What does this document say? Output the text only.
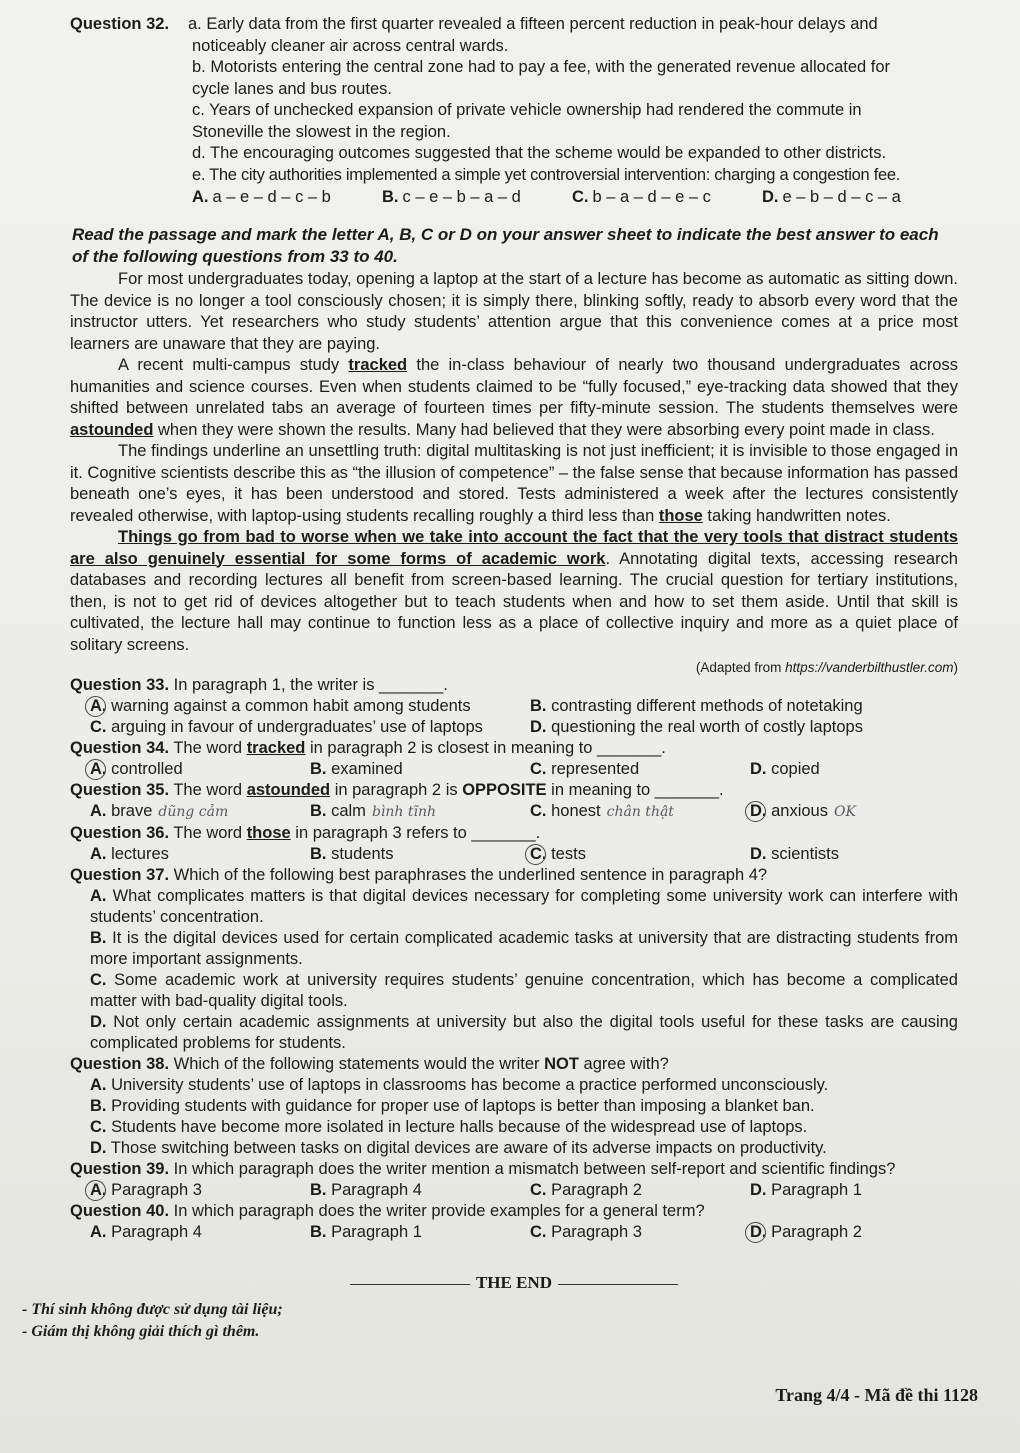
Question 32.	a. Early data from the first quarter revealed a fifteen percent reduction in peak-hour delays and
noticeably cleaner air across central wards.
b. Motorists entering the central zone had to pay a fee, with the generated revenue allocated for
cycle lanes and bus routes.
c. Years of unchecked expansion of private vehicle ownership had rendered the commute in
Stoneville the slowest in the region.
d. The encouraging outcomes suggested that the scheme would be expanded to other districts.
e. The city authorities implemented a simple yet controversial intervention: charging a congestion fee.
A. a – e – d – c – b	B. c – e – b – a – d	C. b – a – d – e – c	D. e – b – d – c – a
Read the passage and mark the letter A, B, C or D on your answer sheet to indicate the best answer to each of the following questions from 33 to 40.

For most undergraduates today, opening a laptop at the start of a lecture has become as automatic as sitting down. The device is no longer a tool consciously chosen; it is simply there, blinking softly, ready to absorb every word that the instructor utters. Yet researchers who study students’ attention argue that this convenience comes at a price most learners are unaware that they are paying.

A recent multi-campus study tracked the in-class behaviour of nearly two thousand undergraduates across humanities and science courses. Even when students claimed to be “fully focused,” eye-tracking data showed that they shifted between unrelated tabs an average of fourteen times per fifty-minute session. The students themselves were astounded when they were shown the results. Many had believed that they were absorbing every point made in class.

The findings underline an unsettling truth: digital multitasking is not just inefficient; it is invisible to those engaged in it. Cognitive scientists describe this as “the illusion of competence” – the false sense that because information has passed beneath one’s eyes, it has been understood and stored. Tests administered a week after the lectures consistently revealed otherwise, with laptop-using students recalling roughly a third less than those taking handwritten notes.

Things go from bad to worse when we take into account the fact that the very tools that distract students are also genuinely essential for some forms of academic work. Annotating digital texts, accessing research databases and recording lectures all benefit from screen-based learning. The crucial question for tertiary institutions, then, is not to get rid of devices altogether but to teach students when and how to set them aside. Until that skill is cultivated, the lecture hall may continue to function less as a place of collective inquiry and more as a quiet place of solitary screens.

(Adapted from https://vanderbilthustler.com)
Question 33. In paragraph 1, the writer is _______.
A. warning against a common habit among students	B. contrasting different methods of notetaking
C. arguing in favour of undergraduates’ use of laptops	D. questioning the real worth of costly laptops
Question 34. The word tracked in paragraph 2 is closest in meaning to _______.
A. controlled	B. examined	C. represented	D. copied
Question 35. The word astounded in paragraph 2 is OPPOSITE in meaning to _______.
A. brave dũng cảm	B. calm bình tĩnh	C. honest chân thật	D. anxious OK
Question 36. The word those in paragraph 3 refers to _______.
A. lectures	B. students	C. tests	D. scientists
Question 37. Which of the following best paraphrases the underlined sentence in paragraph 4?
A. What complicates matters is that digital devices necessary for completing some university work can interfere with students’ concentration.
B. It is the digital devices used for certain complicated academic tasks at university that are distracting students from more important assignments.
C. Some academic work at university requires students’ genuine concentration, which has become a complicated matter with bad-quality digital tools.
D. Not only certain academic assignments at university but also the digital tools useful for these tasks are causing complicated problems for students.
Question 38. Which of the following statements would the writer NOT agree with?
A. University students’ use of laptops in classrooms has become a practice performed unconsciously.
B. Providing students with guidance for proper use of laptops is better than imposing a blanket ban.
C. Students have become more isolated in lecture halls because of the widespread use of laptops.
D. Those switching between tasks on digital devices are aware of its adverse impacts on productivity.
Question 39. In which paragraph does the writer mention a mismatch between self-report and scientific findings?
A. Paragraph 3	B. Paragraph 4	C. Paragraph 2	D. Paragraph 1
Question 40. In which paragraph does the writer provide examples for a general term?
A. Paragraph 4	B. Paragraph 1	C. Paragraph 3	D. Paragraph 2
THE END
- Thí sinh không được sử dụng tài liệu;
- Giám thị không giải thích gì thêm.
Trang 4/4 - Mã đề thi 1128
